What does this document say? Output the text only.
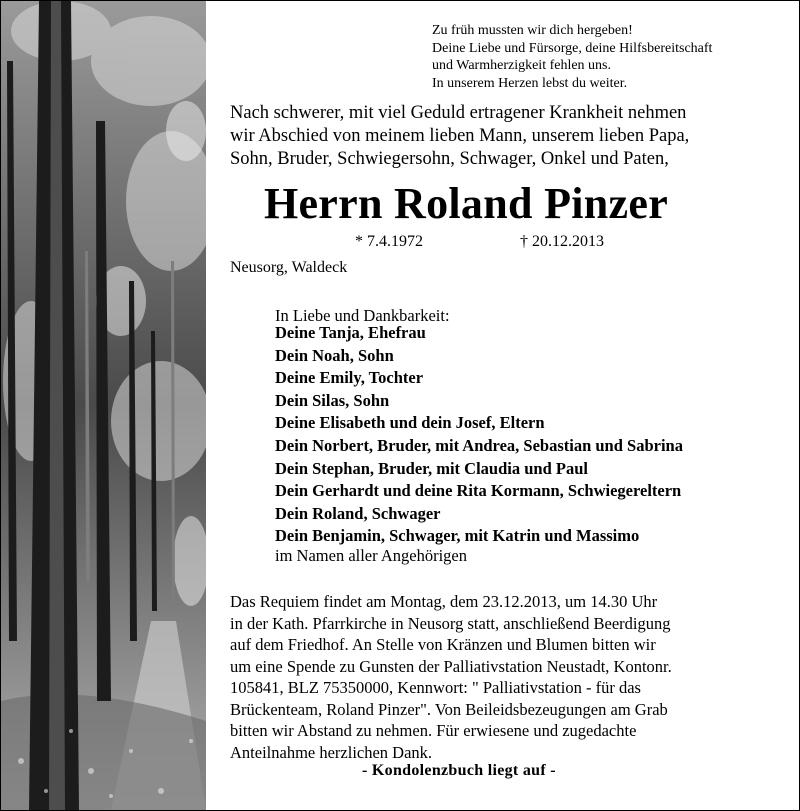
Zu früh mussten wir dich hergeben!
Deine Liebe und Fürsorge, deine Hilfsbereitschaft
und Warmherzigkeit fehlen uns.
In unserem Herzen lebst du weiter.
Nach schwerer, mit viel Geduld ertragener Krankheit nehmen
wir Abschied von meinem lieben Mann, unserem lieben Papa,
Sohn, Bruder, Schwiegersohn, Schwager, Onkel und Paten,
Herrn Roland Pinzer
* 7.4.1972	† 20.12.2013
Neusorg, Waldeck
In Liebe und Dankbarkeit:
Deine Tanja, Ehefrau
Dein Noah, Sohn
Deine Emily, Tochter
Dein Silas, Sohn
Deine Elisabeth und dein Josef, Eltern
Dein Norbert, Bruder, mit Andrea, Sebastian und Sabrina
Dein Stephan, Bruder, mit Claudia und Paul
Dein Gerhardt und deine Rita Kormann, Schwiegereltern
Dein Roland, Schwager
Dein Benjamin, Schwager, mit Katrin und Massimo
im Namen aller Angehörigen
Das Requiem findet am Montag, dem 23.12.2013, um 14.30 Uhr
in der Kath. Pfarrkirche in Neusorg statt, anschließend Beerdigung
auf dem Friedhof. An Stelle von Kränzen und Blumen bitten wir
um eine Spende zu Gunsten der Palliativstation Neustadt, Kontonr.
105841, BLZ 75350000, Kennwort: " Palliativstation - für das
Brückenteam, Roland Pinzer". Von Beileidsbezeugungen am Grab
bitten wir Abstand zu nehmen. Für erwiesene und zugedachte
Anteilnahme herzlichen Dank.
- Kondolenzbuch liegt auf -
